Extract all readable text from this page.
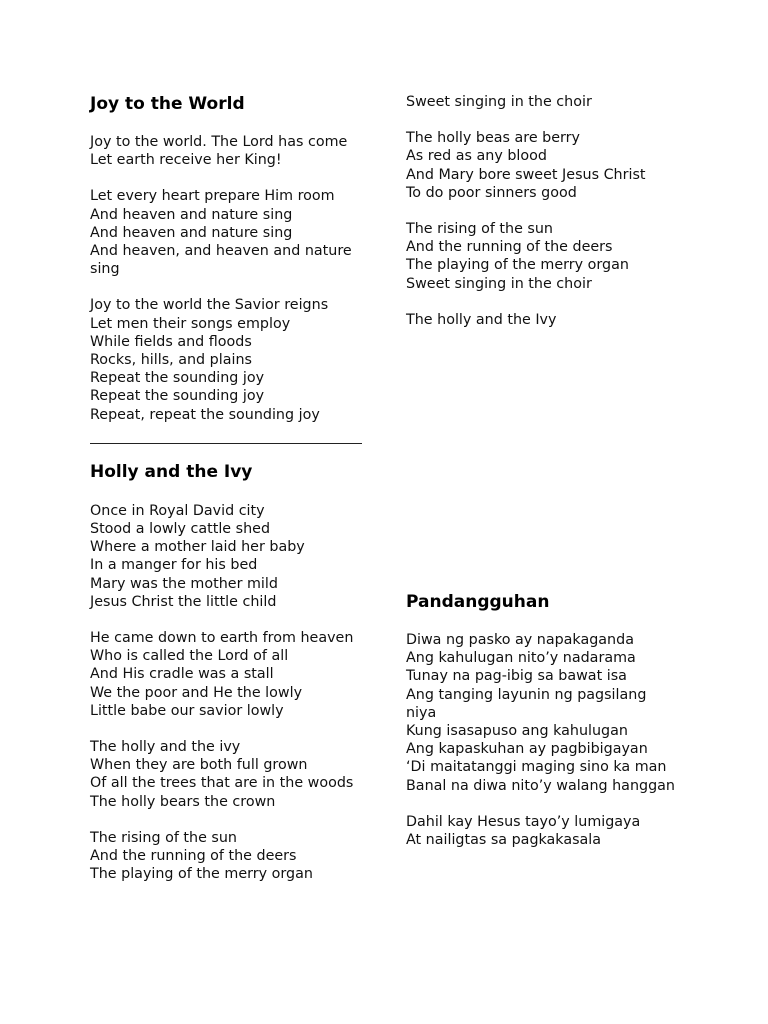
Joy to the World

Joy to the world. The Lord has come
Let earth receive her King!

Let every heart prepare Him room
And heaven and nature sing
And heaven and nature sing
And heaven, and heaven and nature sing

Joy to the world the Savior reigns
Let men their songs employ
While fields and floods
Rocks, hills, and plains
Repeat the sounding joy
Repeat the sounding joy
Repeat, repeat the sounding joy

Holly and the Ivy

Once in Royal David city
Stood a lowly cattle shed
Where a mother laid her baby
In a manger for his bed
Mary was the mother mild
Jesus Christ the little child

He came down to earth from heaven
Who is called the Lord of all
And His cradle was a stall
We the poor and He the lowly
Little babe our savior lowly

The holly and the ivy
When they are both full grown
Of all the trees that are in the woods
The holly bears the crown

The rising of the sun
And the running of the deers
The playing of the merry organ

Sweet singing in the choir

The holly beas are berry
As red as any blood
And Mary bore sweet Jesus Christ
To do poor sinners good

The rising of the sun
And the running of the deers
The playing of the merry organ
Sweet singing in the choir

The holly and the Ivy

Pandangguhan

Diwa ng pasko ay napakaganda
Ang kahulugan nito’y nadarama
Tunay na pag-ibig sa bawat isa
Ang tanging layunin ng pagsilang niya
Kung isasapuso ang kahulugan
Ang kapaskuhan ay pagbibigayan
‘Di maitatanggi maging sino ka man
Banal na diwa nito’y walang hanggan

Dahil kay Hesus tayo’y lumigaya
At nailigtas sa pagkakasala
